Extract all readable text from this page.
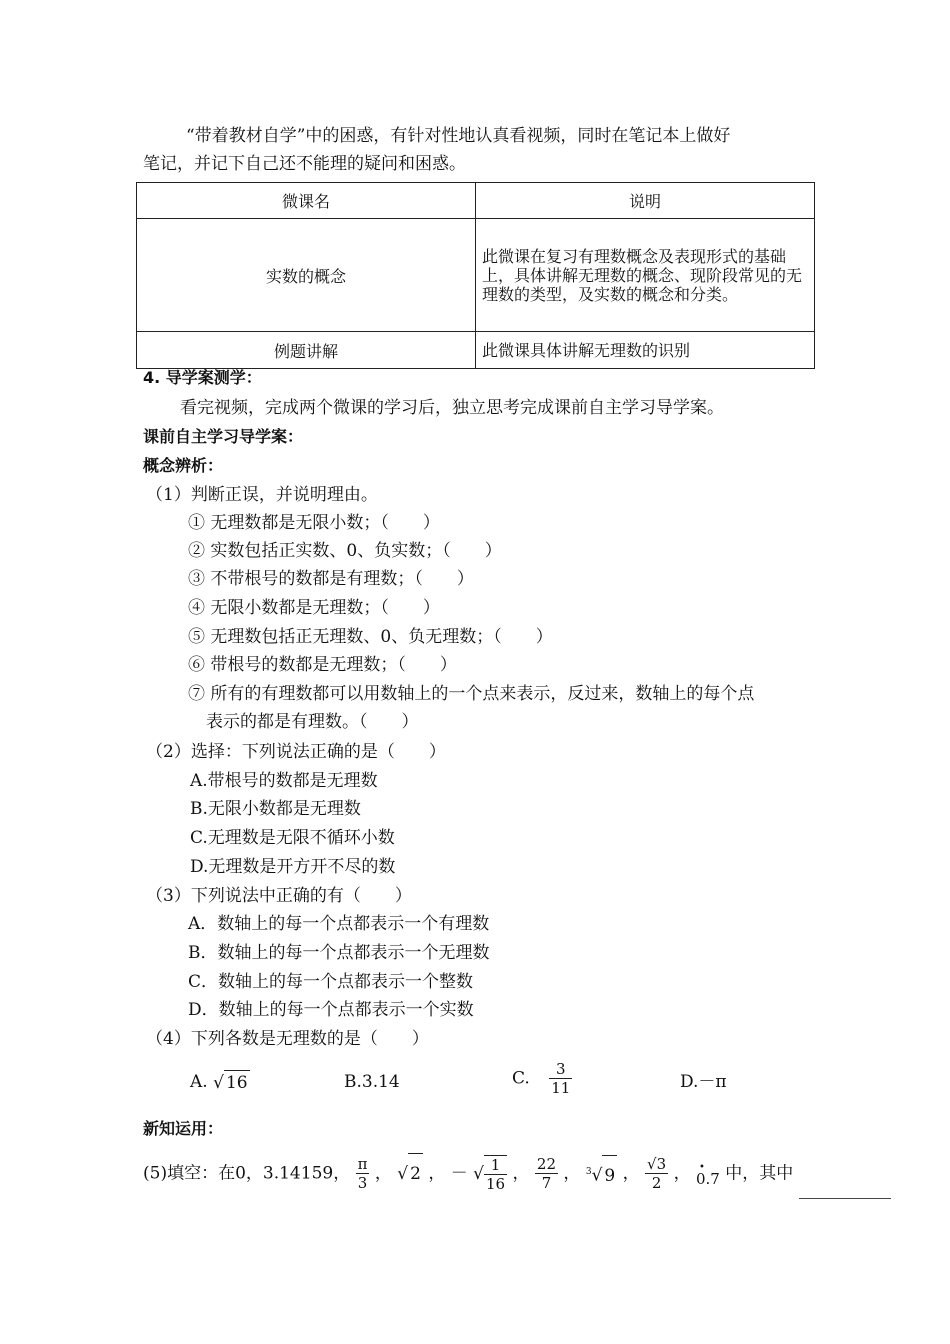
“带着教材自学”中的困惑，有针对性地认真看视频，同时在笔记本上做好
笔记，并记下自己还不能理的疑问和困惑。
微课名	说明
实数的概念	此微课在复习有理数概念及表现形式的基础上，具体讲解无理数的概念、现阶段常见的无理数的类型，及实数的概念和分类。
例题讲解	此微课具体讲解无理数的识别
4. 导学案测学：
看完视频，完成两个微课的学习后，独立思考完成课前自主学习导学案。
课前自主学习导学案：
概念辨析：
（1）判断正误，并说明理由。
① 无理数都是无限小数；（　　）
② 实数包括正实数、0、负实数；（　　）
③ 不带根号的数都是有理数；（　　）
④ 无限小数都是无理数；（　　）
⑤ 无理数包括正无理数、0、负无理数；（　　）
⑥ 带根号的数都是无理数；（　　）
⑦ 所有的有理数都可以用数轴上的一个点来表示，反过来，数轴上的每个点
表示的都是有理数。（　　）
（2）选择：下列说法正确的是（　　）
A.带根号的数都是无理数
B.无限小数都是无理数
C.无理数是无限不循环小数
D.无理数是开方开不尽的数
（3）下列说法中正确的有（　　）
A．数轴上的每一个点都表示一个有理数
B．数轴上的每一个点都表示一个无理数
C．数轴上的每一个点都表示一个整数
D．数轴上的每一个点都表示一个实数
（4）下列各数是无理数的是（　　）
A. √ 16	B.3.14	C. $\frac{3}{11}$	D.－π
新知运用：
(5)填空：在0，3.14159， $\frac{\pi}{3}$ ， √ 2 ， － √ $\frac{1}{16}$ ， $\frac{22}{7}$ ， $^3$√ 9 ， $\frac{√3}{2}$ ， 0.7 • 中，其中
